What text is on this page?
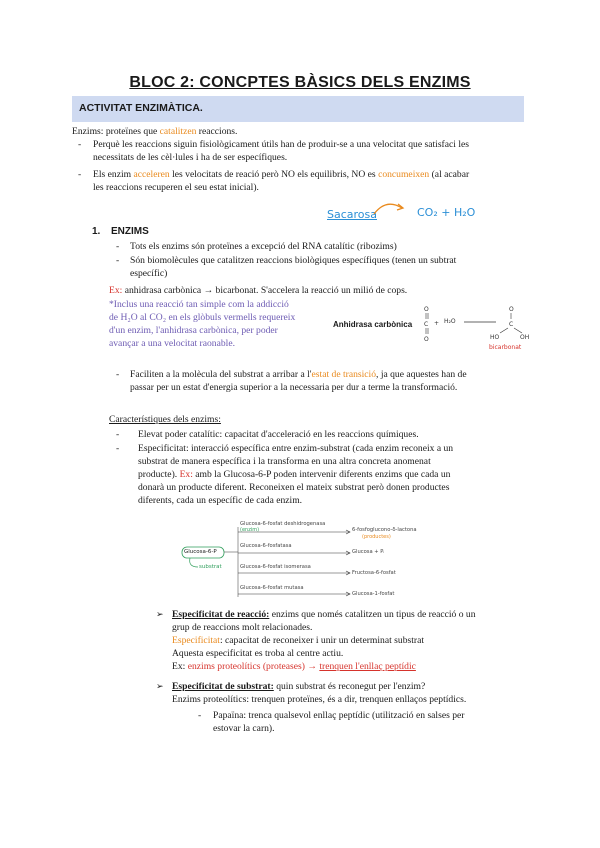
BLOC 2: CONCPTES BÀSICS DELS ENZIMS
ACTIVITAT ENZIMÀTICA.
Enzims: proteïnes que catalitzen reaccions.
- Perquè les reaccions siguin fisiològicament útils han de produir-se a una velocitat que satisfaci les
necessitats de les cèl·lules i ha de ser específiques.
- Els enzim acceleren les velocitats de reació però NO els equilibris, NO es concumeixen (al acabar
les reaccions recuperen el seu estat inicial).
Sacarosa	CO₂ + H₂O
1. ENZIMS
- Tots els enzims són proteïnes a excepció del RNA catalític (ribozims)
- Són biomolècules que catalitzen reaccions biològiques específiques (tenen un subtrat
específic)
Ex: anhidrasa carbònica → bicarbonat. S'accelera la reacció un milió de cops.
*Inclus una reacció tan simple com la addicció
de H₂O al CO₂ en els glòbuls vermells requereix
d'un enzim, l'anhidrasa carbònica, per poder
avançar a una velocitat raonable.
Anhidrasa carbònica
O
C
O
+
O
C
HO	OH
H₂O
bicarbonat
- Faciliten a la molècula del substrat a arribar a l'estat de transició, ja que aquestes han de
passar per un estat d'energia superior a la necessaria per dur a terme la transformació.
Característiques dels enzims:
- Elevat poder catalític: capacitat d'acceleració en les reaccions químiques.
- Especificitat: interacció específica entre enzim-substrat (cada enzim reconeix a un
substrat de manera específica i la transforma en una altra concreta anomenat
producte). Ex: amb la Glucosa-6-P poden intervenir diferents enzims que cada un
donarà un producte diferent. Reconeixen el mateix substrat però donen productes
diferents, cada un específic de cada enzim.
Glucosa-6-P
substrat
Glucosa-6-fosfat deshidrogenasa
(enzim)
Glucosa-6-fosfatasa
Glucosa-6-fosfat isomerasa
Glucosa-6-fosfat mutasa
6-fosfoglucono-δ-lactona
(productes)
Glucosa + Pᵢ
Fructosa-6-fosfat
Glucosa-1-fosfat
➢ Especificitat de reacció: enzims que només catalitzen un tipus de reacció o un
grup de reaccions molt relacionades.
Especificitat: capacitat de reconeixer i unir un determinat substrat
Aquesta especificitat es troba al centre actiu.
Ex: enzims proteolítics (proteases) → trenquen l'enllaç peptídic
➢ Especificitat de substrat: quin substrat és reconegut per l'enzim?
Enzims proteolítics: trenquen proteïnes, és a dir, trenquen enllaços peptídics.
- Papaïna: trenca qualsevol enllaç peptídic (utilització en salses per
estovar la carn).
